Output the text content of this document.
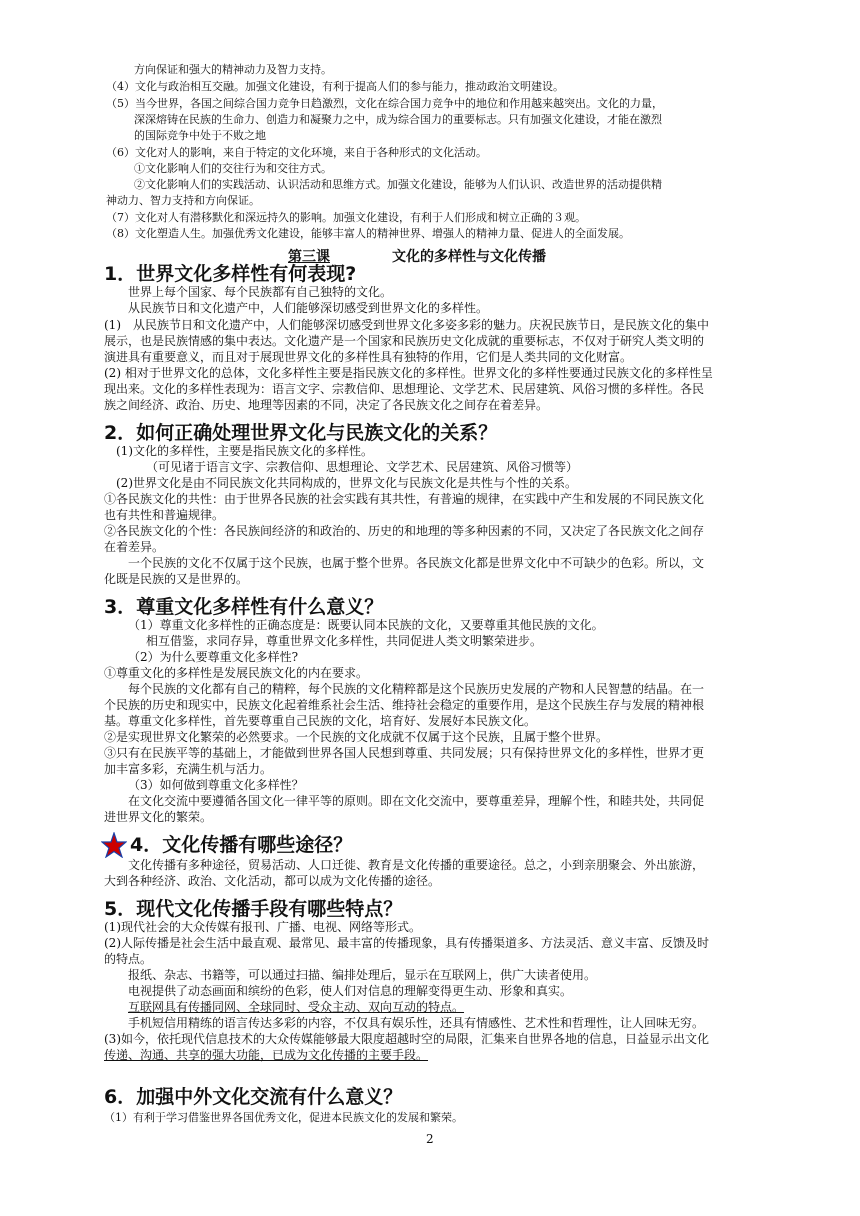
方向保证和强大的精神动力及智力支持。
（4）文化与政治相互交融。加强文化建设，有利于提高人们的参与能力，推动政治文明建设。
（5）当今世界，各国之间综合国力竞争日趋激烈，文化在综合国力竞争中的地位和作用越来越突出。文化的力量，
深深熔铸在民族的生命力、创造力和凝聚力之中，成为综合国力的重要标志。只有加强文化建设，才能在激烈
的国际竞争中处于不败之地
（6）文化对人的影响，来自于特定的文化环境，来自于各种形式的文化活动。
①文化影响人们的交往行为和交往方式。
②文化影响人们的实践活动、认识活动和思维方式。加强文化建设，能够为人们认识、改造世界的活动提供精
神动力、智力支持和方向保证。
（7）文化对人有潜移默化和深远持久的影响。加强文化建设，有利于人们形成和树立正确的３观。
（8）文化塑造人生。加强优秀文化建设，能够丰富人的精神世界、增强人的精神力量、促进人的全面发展。
第三课	文化的多样性与文化传播
1．世界文化多样性有何表现?
世界上每个国家、每个民族都有自己独特的文化。
从民族节日和文化遗产中，人们能够深切感受到世界文化的多样性。
(1)　从民族节日和文化遗产中，人们能够深切感受到世界文化多姿多彩的魅力。庆祝民族节日，是民族文化的集中
展示，也是民族情感的集中表达。文化遗产是一个国家和民族历史文化成就的重要标志，不仅对于研究人类文明的
演进具有重要意义，而且对于展现世界文化的多样性具有独特的作用，它们是人类共同的文化财富。
(2) 相对于世界文化的总体，文化多样性主要是指民族文化的多样性。世界文化的多样性要通过民族文化的多样性呈
现出来。文化的多样性表现为：语言文字、宗教信仰、思想理论、文学艺术、民居建筑、风俗习惯的多样性。各民
族之间经济、政治、历史、地理等因素的不同，决定了各民族文化之间存在着差异。
2．如何正确处理世界文化与民族文化的关系？
(1)文化的多样性，主要是指民族文化的多样性。
（可见诸于语言文字、宗教信仰、思想理论、文学艺术、民居建筑、风俗习惯等）
(2)世界文化是由不同民族文化共同构成的，世界文化与民族文化是共性与个性的关系。
①各民族文化的共性：由于世界各民族的社会实践有其共性，有普遍的规律，在实践中产生和发展的不同民族文化
也有共性和普遍规律。
②各民族文化的个性：各民族间经济的和政治的、历史的和地理的等多种因素的不同，又决定了各民族文化之间存
在着差异。
一个民族的文化不仅属于这个民族，也属于整个世界。各民族文化都是世界文化中不可缺少的色彩。所以，文
化既是民族的又是世界的。
3．尊重文化多样性有什么意义？
（1）尊重文化多样性的正确态度是：既要认同本民族的文化，又要尊重其他民族的文化。
相互借鉴，求同存异，尊重世界文化多样性，共同促进人类文明繁荣进步。
（2）为什么要尊重文化多样性?
①尊重文化的多样性是发展民族文化的内在要求。
每个民族的文化都有自己的精粹，每个民族的文化精粹都是这个民族历史发展的产物和人民智慧的结晶。在一
个民族的历史和现实中，民族文化起着维系社会生活、维持社会稳定的重要作用，是这个民族生存与发展的精神根
基。尊重文化多样性，首先要尊重自己民族的文化，培育好、发展好本民族文化。
②是实现世界文化繁荣的必然要求。一个民族的文化成就不仅属于这个民族，且属于整个世界。
③只有在民族平等的基础上，才能做到世界各国人民想到尊重、共同发展；只有保持世界文化的多样性，世界才更
加丰富多彩，充满生机与活力。
（3）如何做到尊重文化多样性？
在文化交流中要遵循各国文化一律平等的原则。即在文化交流中，要尊重差异，理解个性，和睦共处，共同促
进世界文化的繁荣。
4．文化传播有哪些途径？
文化传播有多种途径，贸易活动、人口迁徙、教育是文化传播的重要途径。总之，小到亲朋聚会、外出旅游，
大到各种经济、政治、文化活动，都可以成为文化传播的途径。
5．现代文化传播手段有哪些特点？
(1)现代社会的大众传媒有报刊、广播、电视、网络等形式。
(2)人际传播是社会生活中最直观、最常见、最丰富的传播现象，具有传播渠道多、方法灵活、意义丰富、反馈及时
的特点。
报纸、杂志、书籍等，可以通过扫描、编排处理后，显示在互联网上，供广大读者使用。
电视提供了动态画面和缤纷的色彩，使人们对信息的理解变得更生动、形象和真实。
互联网具有传播同网、全球同时、受众主动、双向互动的特点。
手机短信用精练的语言传达多彩的内容，不仅具有娱乐性，还具有情感性、艺术性和哲理性，让人回味无穷。
(3)如今，依托现代信息技术的大众传媒能够最大限度超越时空的局限，汇集来自世界各地的信息，日益显示出文化
传递、沟通、共享的强大功能，已成为文化传播的主要手段。
6．加强中外文化交流有什么意义？
（1）有利于学习借鉴世界各国优秀文化，促进本民族文化的发展和繁荣。
2
